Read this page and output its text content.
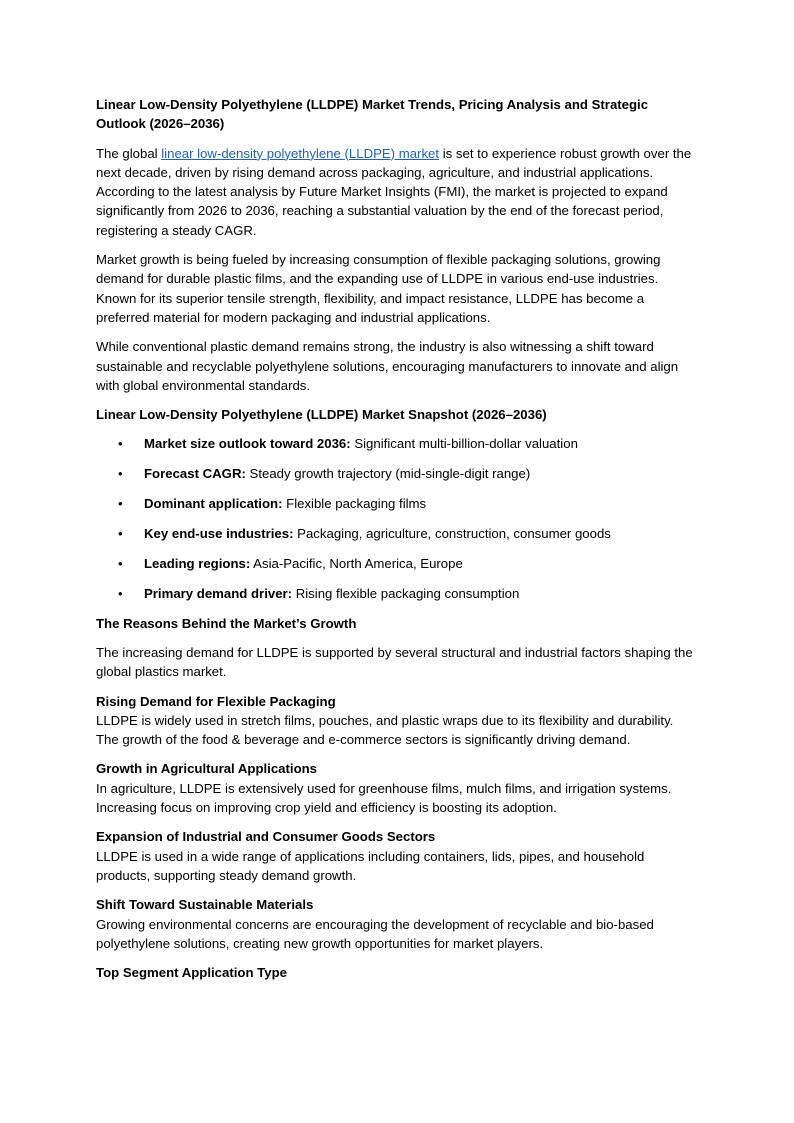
Linear Low-Density Polyethylene (LLDPE) Market Trends, Pricing Analysis and Strategic Outlook (2026–2036)

The global linear low-density polyethylene (LLDPE) market is set to experience robust growth over the next decade, driven by rising demand across packaging, agriculture, and industrial applications. According to the latest analysis by Future Market Insights (FMI), the market is projected to expand significantly from 2026 to 2036, reaching a substantial valuation by the end of the forecast period, registering a steady CAGR.

Market growth is being fueled by increasing consumption of flexible packaging solutions, growing demand for durable plastic films, and the expanding use of LLDPE in various end-use industries. Known for its superior tensile strength, flexibility, and impact resistance, LLDPE has become a preferred material for modern packaging and industrial applications.

While conventional plastic demand remains strong, the industry is also witnessing a shift toward sustainable and recyclable polyethylene solutions, encouraging manufacturers to innovate and align with global environmental standards.

Linear Low-Density Polyethylene (LLDPE) Market Snapshot (2026–2036)

• Market size outlook toward 2036: Significant multi-billion-dollar valuation
• Forecast CAGR: Steady growth trajectory (mid-single-digit range)
• Dominant application: Flexible packaging films
• Key end-use industries: Packaging, agriculture, construction, consumer goods
• Leading regions: Asia-Pacific, North America, Europe
• Primary demand driver: Rising flexible packaging consumption

The Reasons Behind the Market’s Growth

The increasing demand for LLDPE is supported by several structural and industrial factors shaping the global plastics market.

Rising Demand for Flexible Packaging

LLDPE is widely used in stretch films, pouches, and plastic wraps due to its flexibility and durability. The growth of the food & beverage and e-commerce sectors is significantly driving demand.

Growth in Agricultural Applications

In agriculture, LLDPE is extensively used for greenhouse films, mulch films, and irrigation systems. Increasing focus on improving crop yield and efficiency is boosting its adoption.

Expansion of Industrial and Consumer Goods Sectors

LLDPE is used in a wide range of applications including containers, lids, pipes, and household products, supporting steady demand growth.

Shift Toward Sustainable Materials

Growing environmental concerns are encouraging the development of recyclable and bio-based polyethylene solutions, creating new growth opportunities for market players.

Top Segment Application Type
